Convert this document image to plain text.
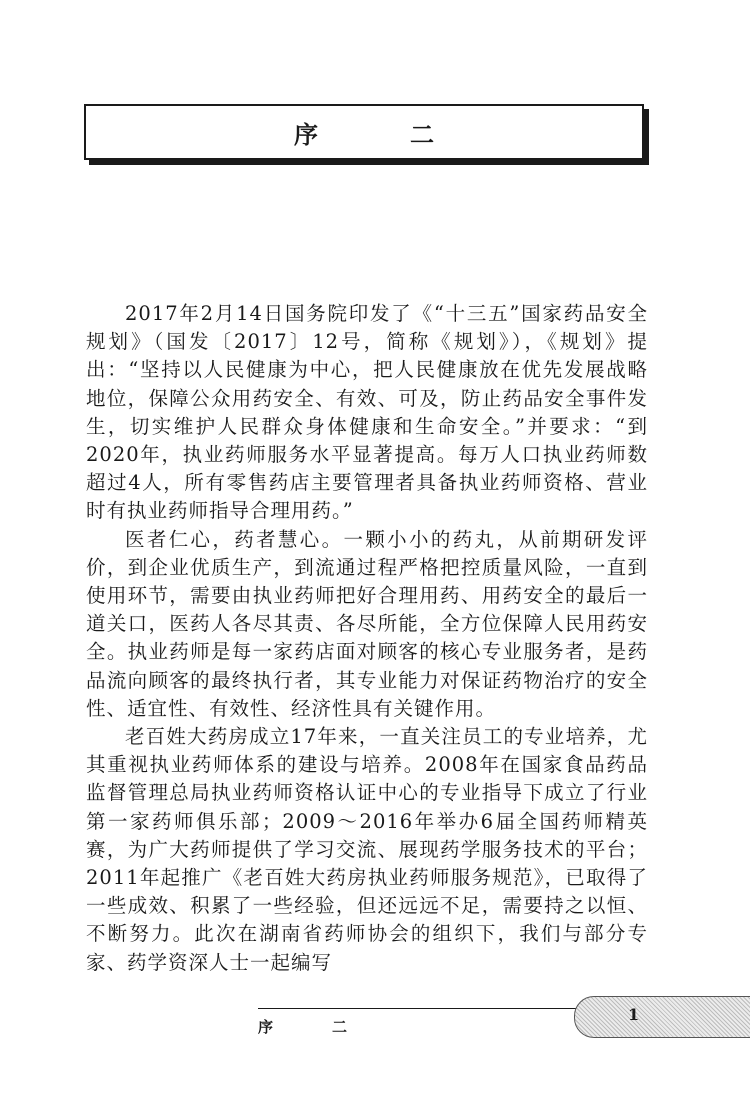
序　二

2017年2月14日国务院印发了《“十三五”国家药品安全规划》（国发〔2017〕12号，简称《规划》），《规划》提出：“坚持以人民健康为中心，把人民健康放在优先发展战略地位，保障公众用药安全、有效、可及，防止药品安全事件发生，切实维护人民群众身体健康和生命安全。”并要求：“到2020年，执业药师服务水平显著提高。每万人口执业药师数超过4人，所有零售药店主要管理者具备执业药师资格、营业时有执业药师指导合理用药。”

医者仁心，药者慧心。一颗小小的药丸，从前期研发评价，到企业优质生产，到流通过程严格把控质量风险，一直到使用环节，需要由执业药师把好合理用药、用药安全的最后一道关口，医药人各尽其责、各尽所能，全方位保障人民用药安全。执业药师是每一家药店面对顾客的核心专业服务者，是药品流向顾客的最终执行者，其专业能力对保证药物治疗的安全性、适宜性、有效性、经济性具有关键作用。

老百姓大药房成立17年来，一直关注员工的专业培养，尤其重视执业药师体系的建设与培养。2008年在国家食品药品监督管理总局执业药师资格认证中心的专业指导下成立了行业第一家药师俱乐部；2009～2016年举办6届全国药师精英赛，为广大药师提供了学习交流、展现药学服务技术的平台；2011年起推广《老百姓大药房执业药师服务规范》，已取得了一些成效、积累了一些经验，但还远远不足，需要持之以恒、不断努力。此次在湖南省药师协会的组织下，我们与部分专家、药学资深人士一起编写

序　二
1
